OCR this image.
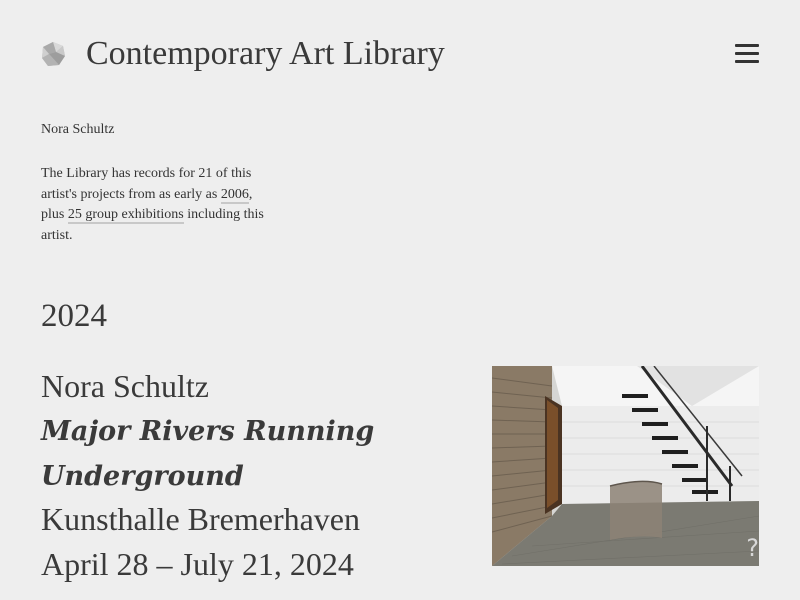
Contemporary Art Library
Nora Schultz
The Library has records for 21 of this artist's projects from as early as 2006, plus 25 group exhibitions including this artist.
2024
Nora Schultz
Major Rivers Running Underground
Kunsthalle Bremerhaven
April 28 – July 21, 2024	?
